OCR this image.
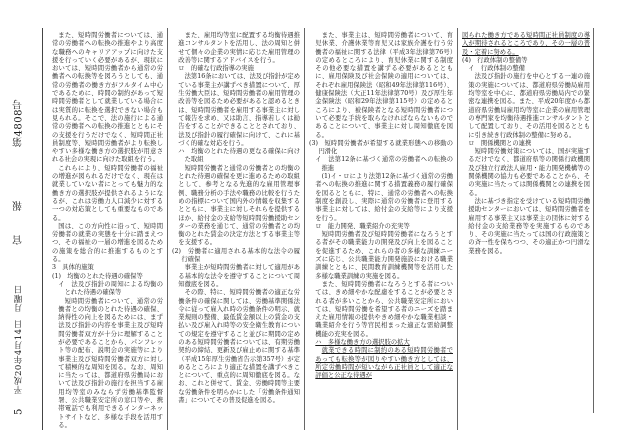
5
平成20年4月14日
月曜日
官報
第4808号

また、短時間労働者については、通常の労働者への転換の推進やより高度な職務へのキャリアアップに向けた支援を行っていく必要があるが、現状においては、短時間労働者から通常の労働者への転換等を図ろうとしても、通常の労働者の働き方がフルタイム中心であるために、時間の制約があって短時間労働者として就業している場合には実質的に転換を選択できない場合も見られる。そこで、法の施行による通常の労働者への転換の推進とともにその支援を行うだけでなく、短時間正社員制度等、短時間労働者がより転換しやすい多様な働き方の選択肢が用意される社会の実現に向けた取組を行う。

これらにより、短時間労働者の福祉の増進が図られるだけでなく、現在は就業していない者にとっても魅力的な働き方の選択肢が提供されるようになるが、これは労働力人口減少に対する一つの対応策としても重要なものである。

国は、この方向性に沿って、短時間労働者の就業の実態を十分に踏まえつつ、その福祉の一層の増進を図るための施策を総合的に推進するものとする。

3　具体的施策

(1)　均衡のとれた待遇の確保等

イ　法及び指針の周知による均衡のとれた待遇の確保等

短時間労働者について、通常の労働者との均衡のとれた待遇の確保、納得性の向上を図るためには、まず法及び指針の内容を事業主及び短時間労働者双方が十分に理解することが必要であることから、パンフレット等の配布、説明会の実施等により事業主及び短時間労働者双方に対して積極的な周知を図る。なお、周知に当たっては、都道府県労働局において法及び指針の施行を担当する雇用均等室のみならず労働基準監督署、公共職業安定所の窓口等や、携帯電話でも利用できるインターネットサイトなど、多様な手段を活用する。

また、雇用均等室に配置する均衡待遇推進コンサルタントを活用し、法の周知と併せて個々の企業の実情に応じた雇用管理の改善等に関するアドバイスを行う。

ロ　的確な行政指導の実施

法第16条においては、法及び指針が定めている事業主が講ずべき措置について、厚生労働大臣は、短時間労働者の雇用管理の改善等を図るため必要があると認めるときは、短時間労働者を雇用する事業主に対して報告を求め、又は助言、指導若しくは勧告をすることができることとされており、法及び指針の履行確保に向けて、これに基づく的確な対応を行う。

ハ　均衡のとれた待遇の更なる確保に向けた取組

短時間労働者と通常の労働者との均衡のとれた待遇の確保を更に進めるための取組として、参考となる先進的な雇用管理事例、職務分析の手法や職務の比較を行うための指標について国内外の情報を収集するとともに、事業主に対しそれらを提供するほか、給付金の支給等短時間労働援助センターの業務を通じて、通常の労働者との均衡のとれた賃金の決定方法とする事業主等を支援する。

(2)　労働者に適用される基本的な法令の履行確保

事業主が短時間労働者に対して適用がある基本的な法令を遵守することについて周知徹底を図る。

その際、特に、短時間労働者の適正な労働条件の確保に関しては、労働基準関係法令に従って雇入れ時の労働条件の明示、就業規則の整備、最低賃金額以上の賃金の支払い及び雇入れ時等の安全衛生教育についての規定を遵守すること並びに期間の定めのある短時間労働者については、有期労働契約の締結、更新及び雇止めに関する基準（平成15年厚生労働省告示第357号）が定めるところにより適正な措置を講ずべきことについて、重点的に周知徹底を図る。なお、これと併せて、賃金、労働時間等主要な労働条件を明らかにした「労働条件通知書」についてその普及促進を図る。

また、事業主は、短時間労働者について、育児休業、介護休業等育児又は家族介護を行う労働者の福祉に関する法律（平成3年法律第76号）の定めるところにより、育児休業に関する制度その他必要な措置を講ずる必要があるとともに、雇用保険及び社会保険の適用については、それぞれ雇用保険法（昭和49年法律第116号）、健康保険法（大正11年法律第70号）及び厚生年金保険法（昭和29年法律第115号）の定めるところにより、被保険者となる短時間労働者について必要な手続を取らなければならないものであることについて、事業主に対し周知徹底を図る。

(3)　短時間労働者が希望する就業形態への移動の円滑化

イ　法第12条に基づく通常の労働者への転換の推進

(1)イ・ロにより法第12条に基づく通常の労働者への転換の推進に関する措置義務の履行確保を図るとともに、特に、通常の労働者への転換制度を創設し、実際に通常の労働者に登用する事業主に対しては、給付金の支給等により支援を行う。

ロ　能力開発、職業紹介の充実等

短時間労働者及び短時間労働者になろうとする者がその職業能力の開発及び向上を図ることを促進するため、これらの者の多様な訓練ニーズに応じ、公共職業能力開発施設における職業訓練とともに、民間教育訓練機関等を活用した多様な職業訓練の実施を図る。

また、短時間労働者になろうとする者については、きめ細やかな配慮をすることが必要とされる者が多いことから、公共職業安定所においては、短時間労働を希望する者のニーズを踏まえた雇用情報の提供やきめ細やかな職業相談・職業紹介を行う等官民相まった適正な需給調整機能の充実を図る。

ハ　多様な働き方の選択肢の拡大

就業できる時間に制約のある短時間労働者であっても転換等が図りやすい働き方としては、所定労働時間が短いながら正社員として適正な評価と公正な待遇が

図られた働き方である短時間正社員制度の導入が期待されるところであり、その一層の普及・定着に努める。

(4)　行政体制の整備等

イ　行政体制の整備

法及び指針の施行を中心とする一連の施策の実施については、都道府県労働局雇用均等室を中心に、都道府県労働局内での緊密な連携を図る。また、平成20年度から都道府県労働局雇用均等室に企業の雇用管理の専門家を均衡待遇推進コンサルタントとして配置しており、その活用を図るとともに引き続き行政体制の整備に努める。

ロ　関係機関との連携

短時間労働対策については、国が実施するだけでなく、都道府県等の関係行政機関及び独立行政法人雇用・能力開発機構等の関係機関の協力も必要であることから、その実施に当たっては関係機関との連携を図る。

法に基づき指定を受けている短時間労働援助センターにおいては、短時間労働者を雇用する事業主又は事業主の団体に対する給付金の支給業務等を実施するものであり、その実施に当たっては国の行政施策との斉一性を保ちつつ、その適正かつ円滑な業務を図る。
